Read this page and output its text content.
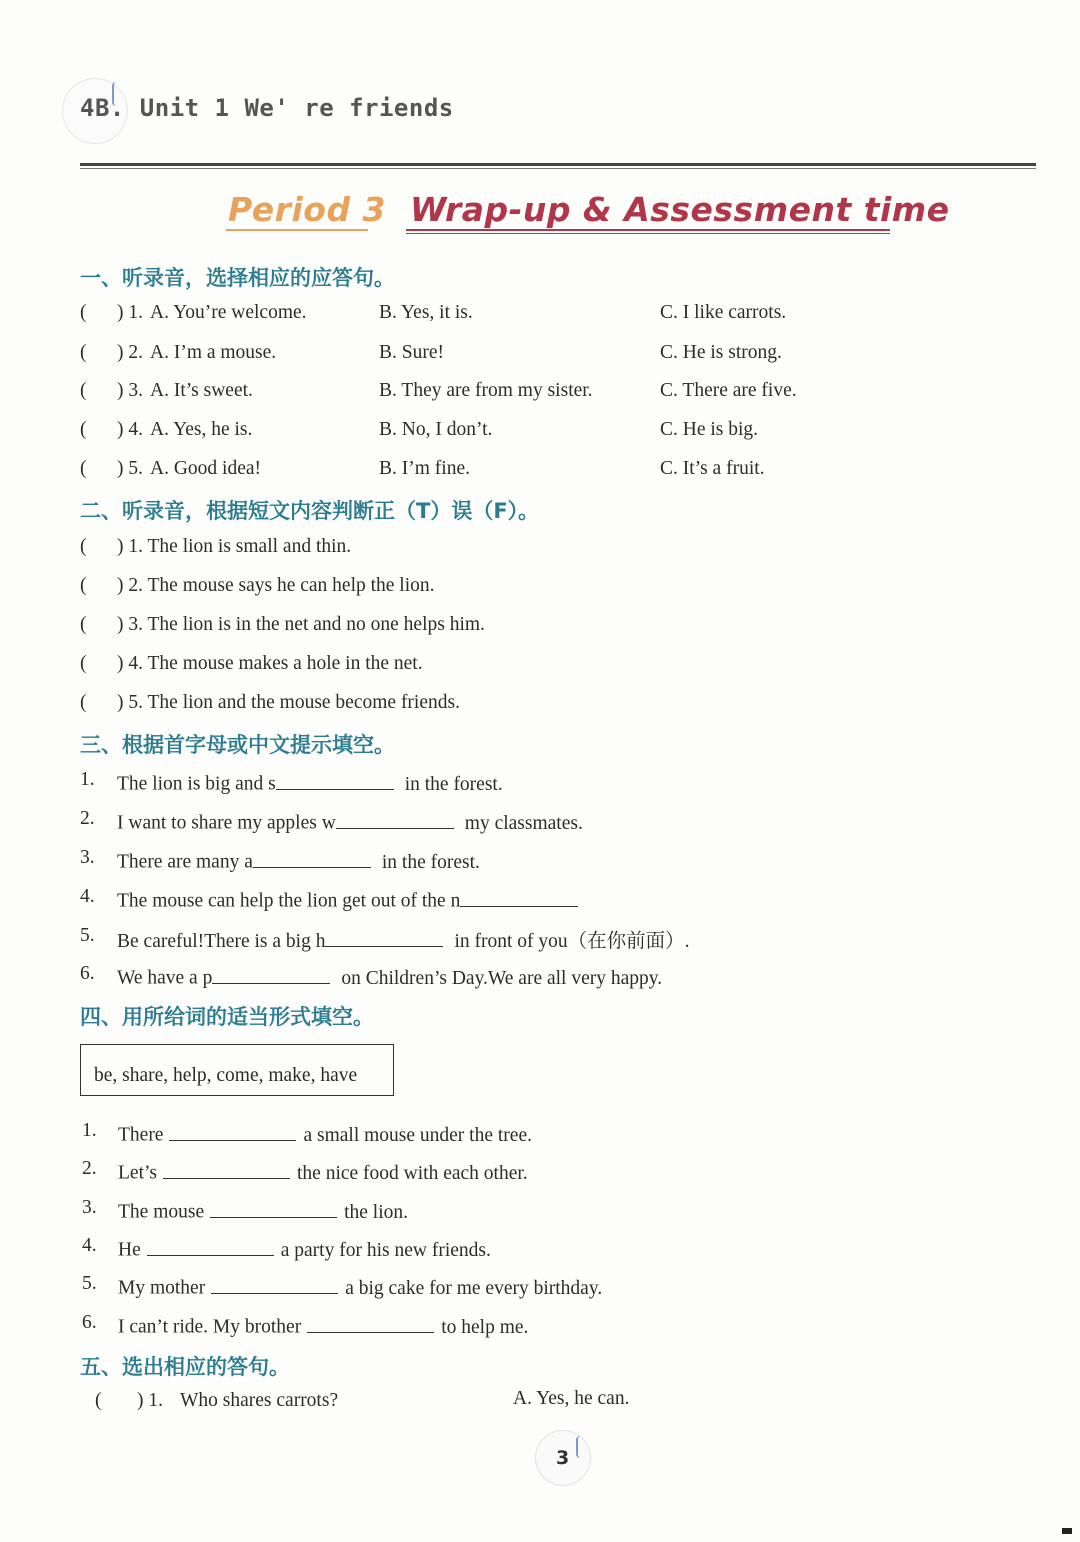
4B. Unit 1 We' re friends
Period 3 Wrap-up & Assessment time
一、听录音，选择相应的应答句。
( ) 1. A. You’re welcome.	B. Yes, it is.	C. I like carrots.
( ) 2. A. I’m a mouse.	B. Sure!	C. He is strong.
( ) 3. A. It’s sweet.	B. They are from my sister.	C. There are five.
( ) 4. A. Yes, he is.	B. No, I don’t.	C. He is big.
( ) 5. A. Good idea!	B. I’m fine.	C. It’s a fruit.
二、听录音，根据短文内容判断正（T）误（F）。
( ) 1. The lion is small and thin.
( ) 2. The mouse says he can help the lion.
( ) 3. The lion is in the net and no one helps him.
( ) 4. The mouse makes a hole in the net.
( ) 5. The lion and the mouse become friends.
三、根据首字母或中文提示填空。
1. The lion is big and s	in the forest.
2. I want to share my apples w	my classmates.
3. There are many a	in the forest.
4. The mouse can help the lion get out of the n
5. Be careful!There is a big h	in front of you（在你前面）.
6. We have a p	on Children’s Day.We are all very happy.
四、用所给词的适当形式填空。
be, share, help, come, make, have
1. There	a small mouse under the tree.
2. Let’s	the nice food with each other.
3. The mouse	the lion.
4. He	a party for his new friends.
5. My mother	a big cake for me every birthday.
6. I can’t ride. My brother	to help me.
五、选出相应的答句。
( ) 1. Who shares carrots?	A. Yes, he can.
3
